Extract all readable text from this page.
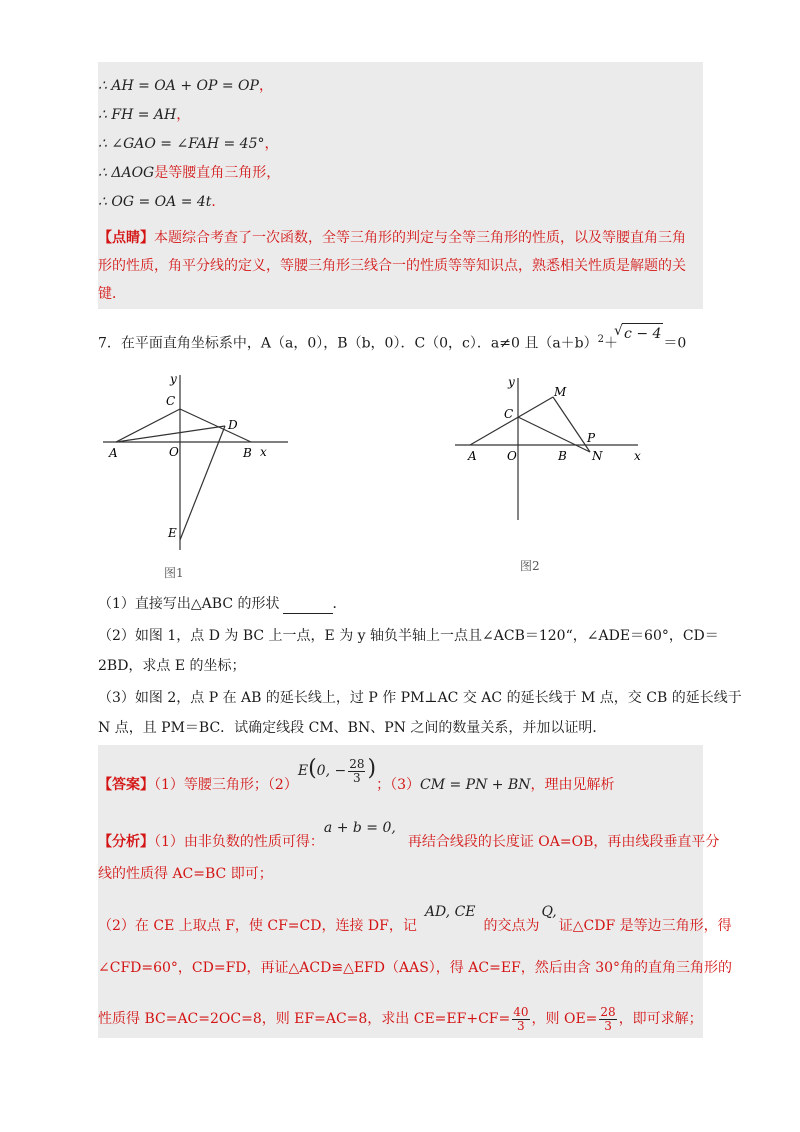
∴ AH = OA + OP = OP，
∴ FH = AH，
∴ ∠GAO = ∠FAH = 45°，
∴ ΔAOG是等腰直角三角形，
∴ OG = OA = 4t．
【点睛】本题综合考查了一次函数，全等三角形的判定与全等三角形的性质，以及等腰直角三角
形的性质，角平分线的定义，等腰三角形三线合一的性质等等知识点，熟悉相关性质是解题的关
键．
7．在平面直角坐标系中，A（a，0），B（b，0）．C（0，c）．a≠0 且$(a+b)^2+$
√ c − 4＝0
y
x
A	O	B
C
D
E
图1
y
x
A	O	B
C
M
P
N
图2
（1）直接写出△ABC 的形状	．
（2）如图 1，点 D 为 BC 上一点，E 为 y 轴负半轴上一点且∠ACB＝120“，∠ADE＝60°，CD＝
2BD，求点 E 的坐标；
（3）如图 2，点 P 在 AB 的延长线上，过 P 作 PM⊥AC 交 AC 的延长线于 M 点，交 CB 的延长线于
N 点，且 PM＝BC．试确定线段 CM、BN、PN 之间的数量关系，并加以证明．
【答案】（1）等腰三角形；（2）E(0, − $\frac{28}{3}$ )；（3）CM = PN + BN，理由见解析
【分析】（1）由非负数的性质可得：a + b = 0,再结合线段的长度证 OA=OB，再由线段垂直平分
线的性质得 AC=BC 即可；
（2）在 CE 上取点 F，使 CF=CD，连接 DF，记AD, CE的交点为Q,证△CDF 是等边三角形，得
∠CFD=60°，CD=FD，再证△ACD≌△EFD（AAS），得 AC=EF，然后由含 30°角的直角三角形的
性质得 BC=AC=2OC=8，则 EF=AC=8，求出 $CE=EF+CF= \frac{40}{3}$ ，则 $OE= \frac{28}{3}$ ，即可求解；
